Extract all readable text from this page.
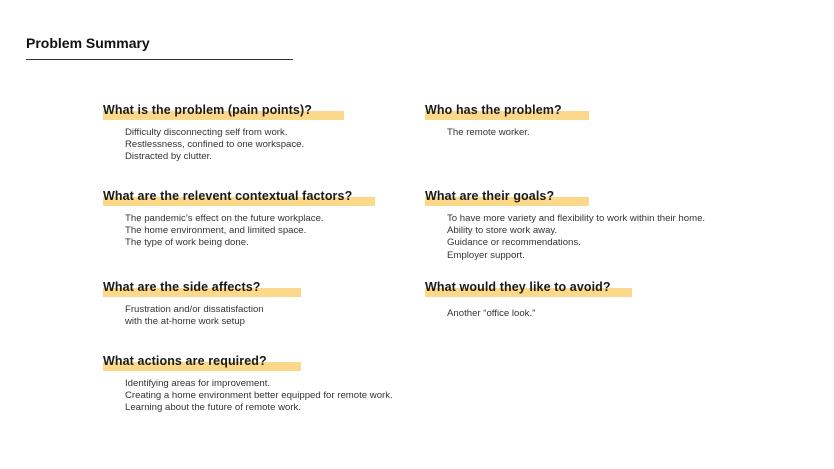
Problem Summary
What is the problem (pain points)?
Difficulty disconnecting self from work.
Restlessness, confined to one workspace.
Distracted by clutter.
What are the relevent contextual factors?
The pandemic’s effect on the future workplace.
The home environment, and limited space.
The type of work being done.
What are the side affects?
Frustration and/or dissatisfaction
with the at-home work setup
What actions are required?
Identifying areas for improvement.
Creating a home environment better equipped for remote work.
Learning about the future of remote work.
Who has the problem?
The remote worker.
What are their goals?
To have more variety and flexibility to work within their home.
Ability to store work away.
Guidance or recommendations.
Employer support.
What would they like to avoid?
Another “office look.”
